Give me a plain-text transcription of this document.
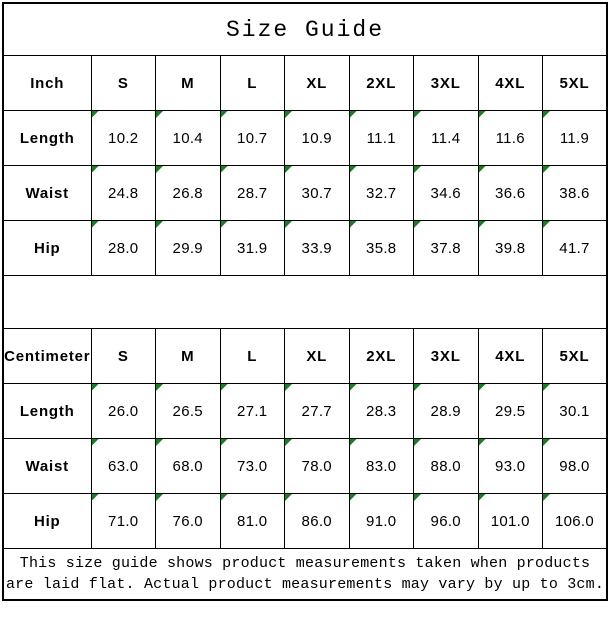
Size Guide								
Inch	S	M	L	XL	2XL	3XL	4XL	5XL
Length	10.2	10.4	10.7	10.9	11.1	11.4	11.6	11.9

Waist	24.8	26.8	28.7	30.7	32.7	34.6	36.6	38.6

Hip	28.0	29.9	31.9	33.9	35.8	37.8	39.8	41.7

Centimeter	S	M	L	XL	2XL	3XL	4XL	5XL
Length	26.0	26.5	27.1	27.7	28.3	28.9	29.5	30.1

Waist	63.0	68.0	73.0	78.0	83.0	88.0	93.0	98.0

Hip	71.0	76.0	81.0	86.0	91.0	96.0	101.0	106.0

This size guide shows product measurements taken when products
are laid flat. Actual product measurements may vary by up to 3cm.								
